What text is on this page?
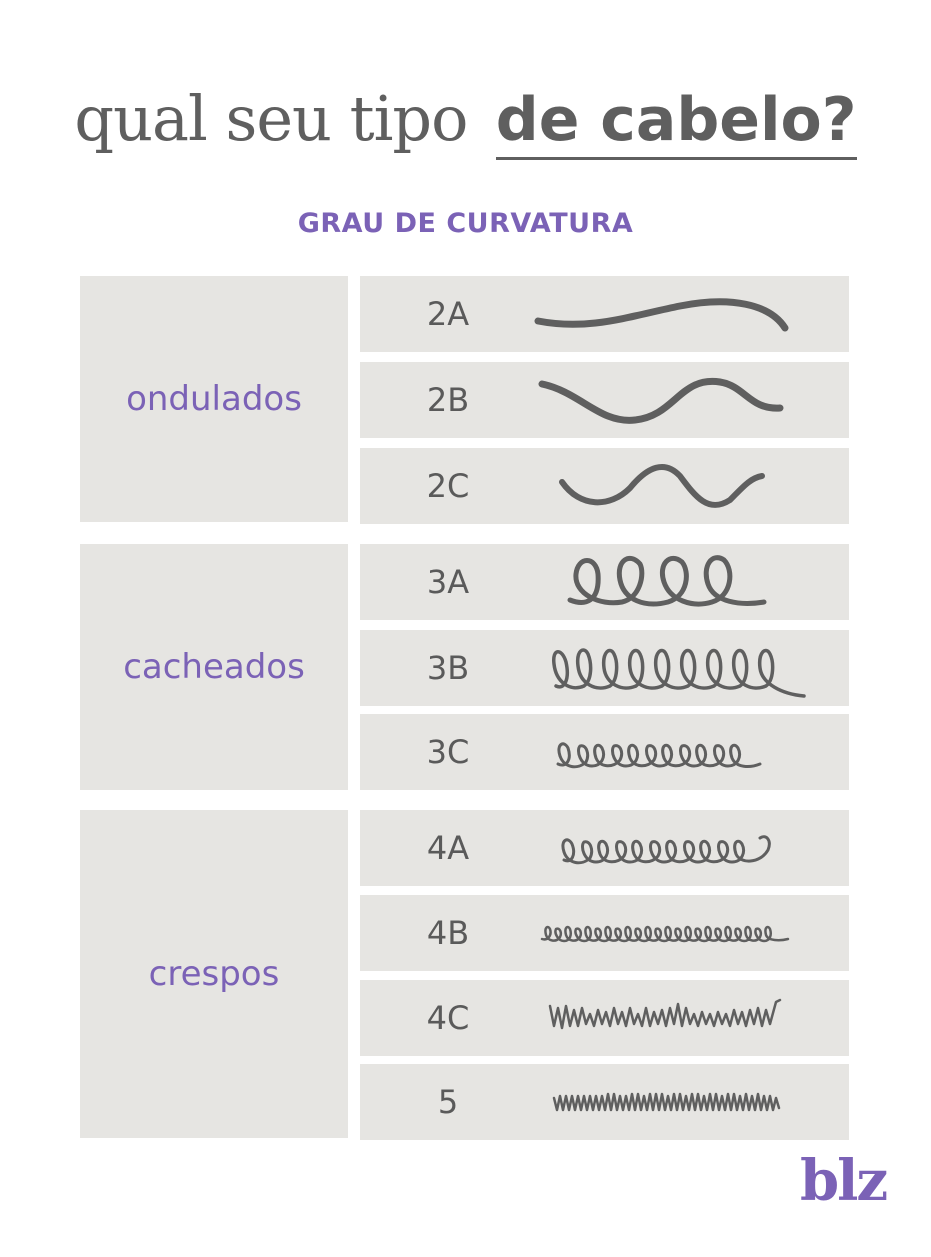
qual seu tipo de cabelo?
GRAU DE CURVATURA
ondulados
2A
2B
2C
cacheados
3A
3B
3C
crespos
4A
4B
4C
5
blz
